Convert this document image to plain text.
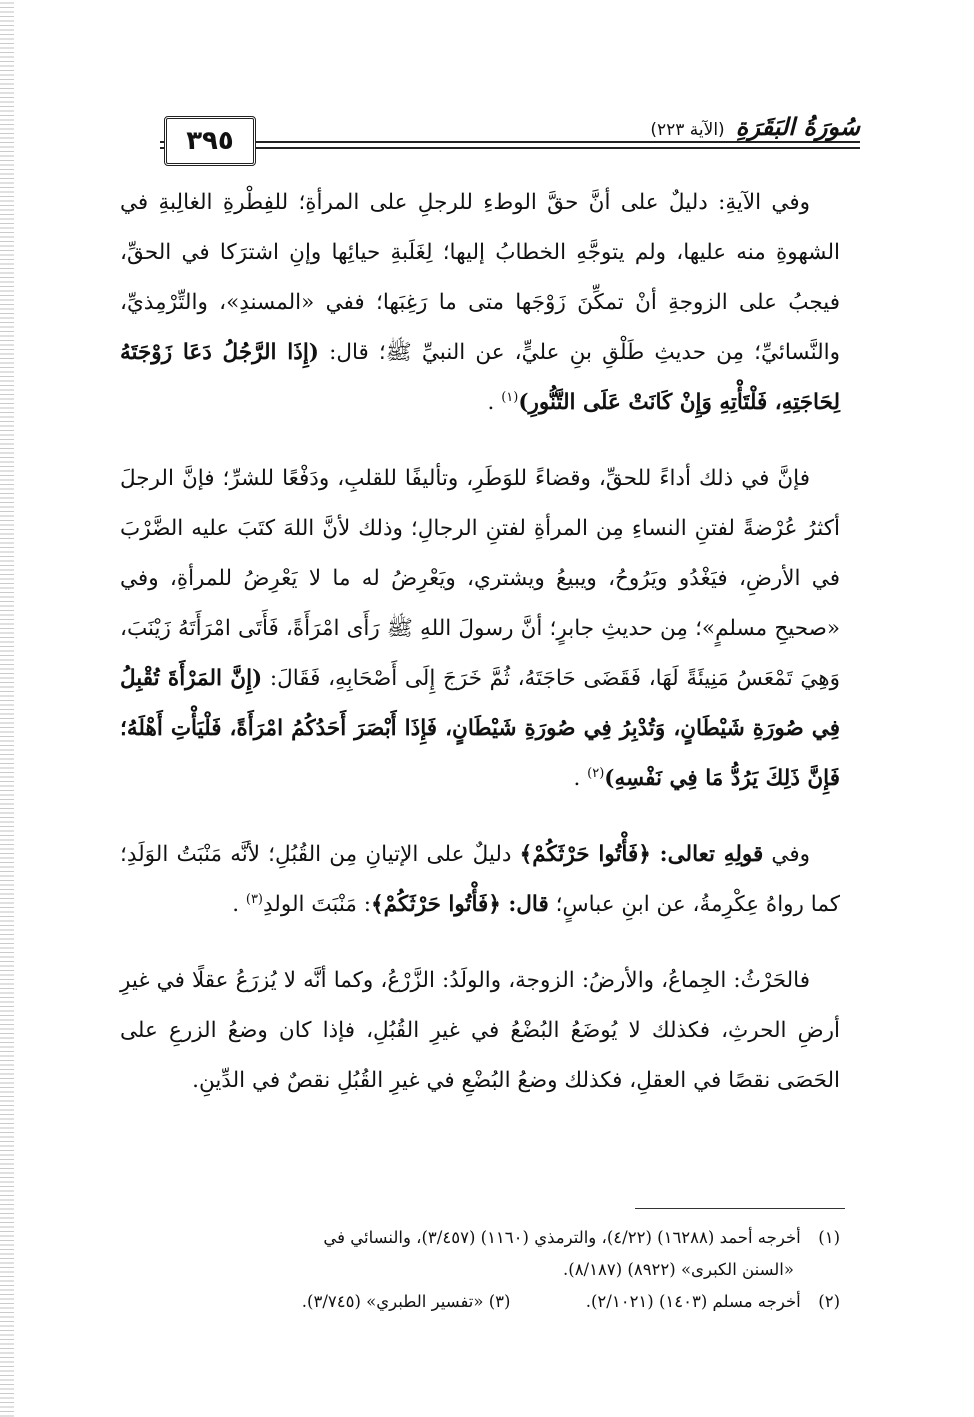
٣٩٥	سُورَةُ البَقَرَةِ (الآية ٢٢٣)

وفي الآيةِ: دليلٌ على أنَّ حقَّ الوطءِ للرجلِ على المرأةِ؛ للفِطْرةِ الغالِبةِ في الشهوةِ منه عليها، ولم يتوجَّهِ الخطابُ إليها؛ لِغَلَبةِ حيائِها وإنِ اشترَكا في الحقِّ، فيجبُ على الزوجةِ أنْ تمكِّنَ زَوْجَها متى ما رَغِبَها؛ ففي «المسندِ»، والتِّرْمِذيِّ، والنَّسائيِّ؛ مِن حديثِ طَلْقِ بنِ عليٍّ، عن النبيِّ ﷺ؛ قال: (إِذَا الرَّجُلُ دَعَا زَوْجَتَهُ لِحَاجَتِهِ، فَلْتَأْتِهِ وَإِنْ كَانَتْ عَلَى التَّنُّورِ)$^{(١)}$ .

فإنَّ في ذلك أداءً للحقِّ، وقضاءً للوَطَرِ، وتأليفًا للقلبِ، ودَفْعًا للشرِّ؛ فإنَّ الرجلَ أكثرُ عُرْضةً لفتنِ النساءِ مِن المرأةِ لفتنِ الرجالِ؛ وذلك لأنَّ اللهَ كتَبَ عليه الضَّرْبَ في الأرضِ، فيَغْدُو ويَرُوحُ، ويبيعُ ويشتري، ويَعْرِضُ له ما لا يَعْرِضُ للمرأةِ، وفي «صحيحِ مسلمٍ»؛ مِن حديثِ جابرٍ؛ أنَّ رسولَ اللهِ ﷺ رَأَى امْرَأَةً، فَأَتَى امْرَأَتَهُ زَيْنَبَ، وَهِيَ تَمْعَسُ مَنِيئَةً لَهَا، فَقَضَى حَاجَتَهُ، ثُمَّ خَرَجَ إِلَى أَصْحَابِهِ، فَقَالَ: (إِنَّ المَرْأَةَ تُقْبِلُ فِي صُورَةِ شَيْطَانٍ، وَتُدْبِرُ فِي صُورَةِ شَيْطَانٍ، فَإِذَا أَبْصَرَ أَحَدُكُمُ امْرَأَةً، فَلْيَأْتِ أَهْلَهُ؛ فَإِنَّ ذَلِكَ يَرُدُّ مَا فِي نَفْسِهِ)$^{(٢)}$ .

وفي قولِهِ تعالى: ﴿فَأْتُوا حَرْثَكُمْ﴾ دليلٌ على الإتيانِ مِن القُبُلِ؛ لأنَّه مَنْبَتُ الوَلَدِ؛ كما رواهُ عِكْرِمةُ، عن ابنِ عباسٍ؛ قال: ﴿فَأْتُوا حَرْثَكُمْ﴾: مَنْبَتَ الولدِ$^{(٣)}$ .

فالحَرْثُ: الجِماعُ، والأرضُ: الزوجة، والولَدُ: الزَّرْعُ، وكما أنَّه لا يُزرَعُ عقلًا في غيرِ أرضِ الحرثِ، فكذلك لا يُوضَعُ البُضْعُ في غيرِ القُبُلِ، فإذا كان وضعُ الزرعِ على الحَصَى نقصًا في العقلِ، فكذلك وضعُ البُضْعِ في غيرِ القُبُلِ نقصٌ في الدِّينِ.

(١) أخرجه أحمد (١٦٢٨٨) (٤/٢٢)، والترمذي (١١٦٠) (٣/٤٥٧)، والنسائي في
«السنن الكبرى» (٨٩٢٢) (٨/١٨٧).
(٢) أخرجه مسلم (١٤٠٣) (٢/١٠٢١). (٣) «تفسير الطبري» (٣/٧٤٥).
